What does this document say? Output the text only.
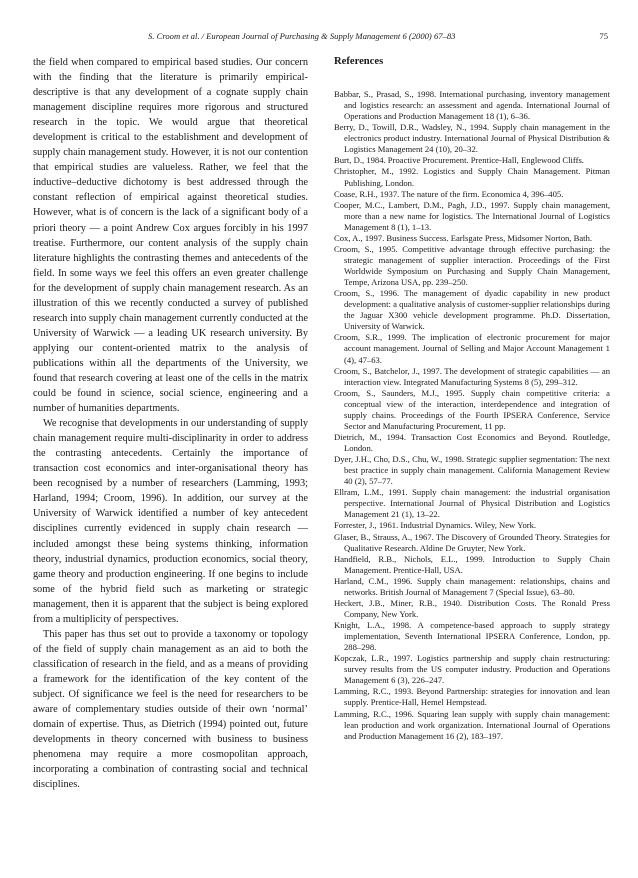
S. Croom et al. / European Journal of Purchasing & Supply Management 6 (2000) 67–83	75

the field when compared to empirical based studies. Our concern with the finding that the literature is primarily empirical-descriptive is that any development of a cognate supply chain management discipline requires more rigorous and structured research in the topic. We would argue that theoretical development is critical to the establishment and development of supply chain management study. However, it is not our contention that empirical studies are valueless. Rather, we feel that the inductive–deductive dichotomy is best addressed through the constant reflection of empirical against theoretical studies. However, what is of concern is the lack of a significant body of a priori theory — a point Andrew Cox argues forcibly in his 1997 treatise. Furthermore, our content analysis of the supply chain literature highlights the contrasting themes and antecedents of the field. In some ways we feel this offers an even greater challenge for the development of supply chain management research. As an illustration of this we recently conducted a survey of published research into supply chain management currently conducted at the University of Warwick — a leading UK research university. By applying our content-oriented matrix to the analysis of publications within all the departments of the University, we found that research covering at least one of the cells in the matrix could be found in science, social science, engineering and a number of humanities departments.

We recognise that developments in our understanding of supply chain management require multi-disciplinarity in order to address the contrasting antecedents. Certainly the importance of transaction cost economics and inter-organisational theory has been recognised by a number of researchers (Lamming, 1993; Harland, 1994; Croom, 1996). In addition, our survey at the University of Warwick identified a number of key antecedent disciplines currently evidenced in supply chain research — included amongst these being systems thinking, information theory, industrial dynamics, production economics, social theory, game theory and production engineering. If one begins to include some of the hybrid field such as marketing or strategic management, then it is apparent that the subject is being explored from a multiplicity of perspectives.

This paper has thus set out to provide a taxonomy or topology of the field of supply chain management as an aid to both the classification of research in the field, and as a means of providing a framework for the identification of the key content of the subject. Of significance we feel is the need for researchers to be aware of complementary studies outside of their own ‘normal’ domain of expertise. Thus, as Dietrich (1994) pointed out, future developments in theory concerned with business to business phenomena may require a more cosmopolitan approach, incorporating a combination of contrasting social and technical disciplines.

References

Babbar, S., Prasad, S., 1998. International purchasing, inventory management and logistics research: an assessment and agenda. International Journal of Operations and Production Management 18 (1), 6–36.

Berry, D., Towill, D.R., Wadsley, N., 1994. Supply chain management in the electronics product industry. International Journal of Physical Distribution & Logistics Management 24 (10), 20–32.

Burt, D., 1984. Proactive Procurement. Prentice-Hall, Englewood Cliffs.

Christopher, M., 1992. Logistics and Supply Chain Management. Pitman Publishing, London.

Coase, R.H., 1937. The nature of the firm. Economica 4, 396–405.

Cooper, M.C., Lambert, D.M., Pagh, J.D., 1997. Supply chain management, more than a new name for logistics. The International Journal of Logistics Management 8 (1), 1–13.

Cox, A., 1997. Business Success. Earlsgate Press, Midsomer Norton, Bath.

Croom, S., 1995. Competitive advantage through effective purchasing: the strategic management of supplier interaction. Proceedings of the First Worldwide Symposium on Purchasing and Supply Chain Management, Tempe, Arizona USA, pp. 239–250.

Croom, S., 1996. The management of dyadic capability in new product development: a qualitative analysis of customer-supplier relationships during the Jaguar X300 vehicle development programme. Ph.D. Dissertation, University of Warwick.

Croom, S.R., 1999. The implication of electronic procurement for major account management. Journal of Selling and Major Account Management 1 (4), 47–63.

Croom, S., Batchelor, J., 1997. The development of strategic capabilities — an interaction view. Integrated Manufacturing Systems 8 (5), 299–312.

Croom, S., Saunders, M.J., 1995. Supply chain competitive criteria: a conceptual view of the interaction, interdependence and integration of supply chains. Proceedings of the Fourth IPSERA Conference, Service Sector and Manufacturing Procurement, 11 pp.

Dietrich, M., 1994. Transaction Cost Economics and Beyond. Routledge, London.

Dyer, J.H., Cho, D.S., Chu, W., 1998. Strategic supplier segmentation: The next best practice in supply chain management. California Management Review 40 (2), 57–77.

Ellram, L.M., 1991. Supply chain management: the industrial organisation perspective. International Journal of Physical Distribution and Logistics Management 21 (1), 13–22.

Forrester, J., 1961. Industrial Dynamics. Wiley, New York.

Glaser, B., Strauss, A., 1967. The Discovery of Grounded Theory. Strategies for Qualitative Research. Aldine De Gruyter, New York.

Handfield, R.B., Nichols, E.L., 1999. Introduction to Supply Chain Management. Prentice-Hall, USA.

Harland, C.M., 1996. Supply chain management: relationships, chains and networks. British Journal of Management 7 (Special Issue), 63–80.

Heckert, J.B., Miner, R.B., 1940. Distribution Costs. The Ronald Press Company, New York.

Knight, L.A., 1998. A competence-based approach to supply strategy implementation, Seventh International IPSERA Conference, London, pp. 288–298.

Kopczak, L.R., 1997. Logistics partnership and supply chain restructuring: survey results from the US computer industry. Production and Operations Management 6 (3), 226–247.

Lamming, R.C., 1993. Beyond Partnership: strategies for innovation and lean supply. Prentice-Hall, Hemel Hempstead.

Lamming, R.C., 1996. Squaring lean supply with supply chain management: lean production and work organization. International Journal of Operations and Production Management 16 (2), 183–197.
